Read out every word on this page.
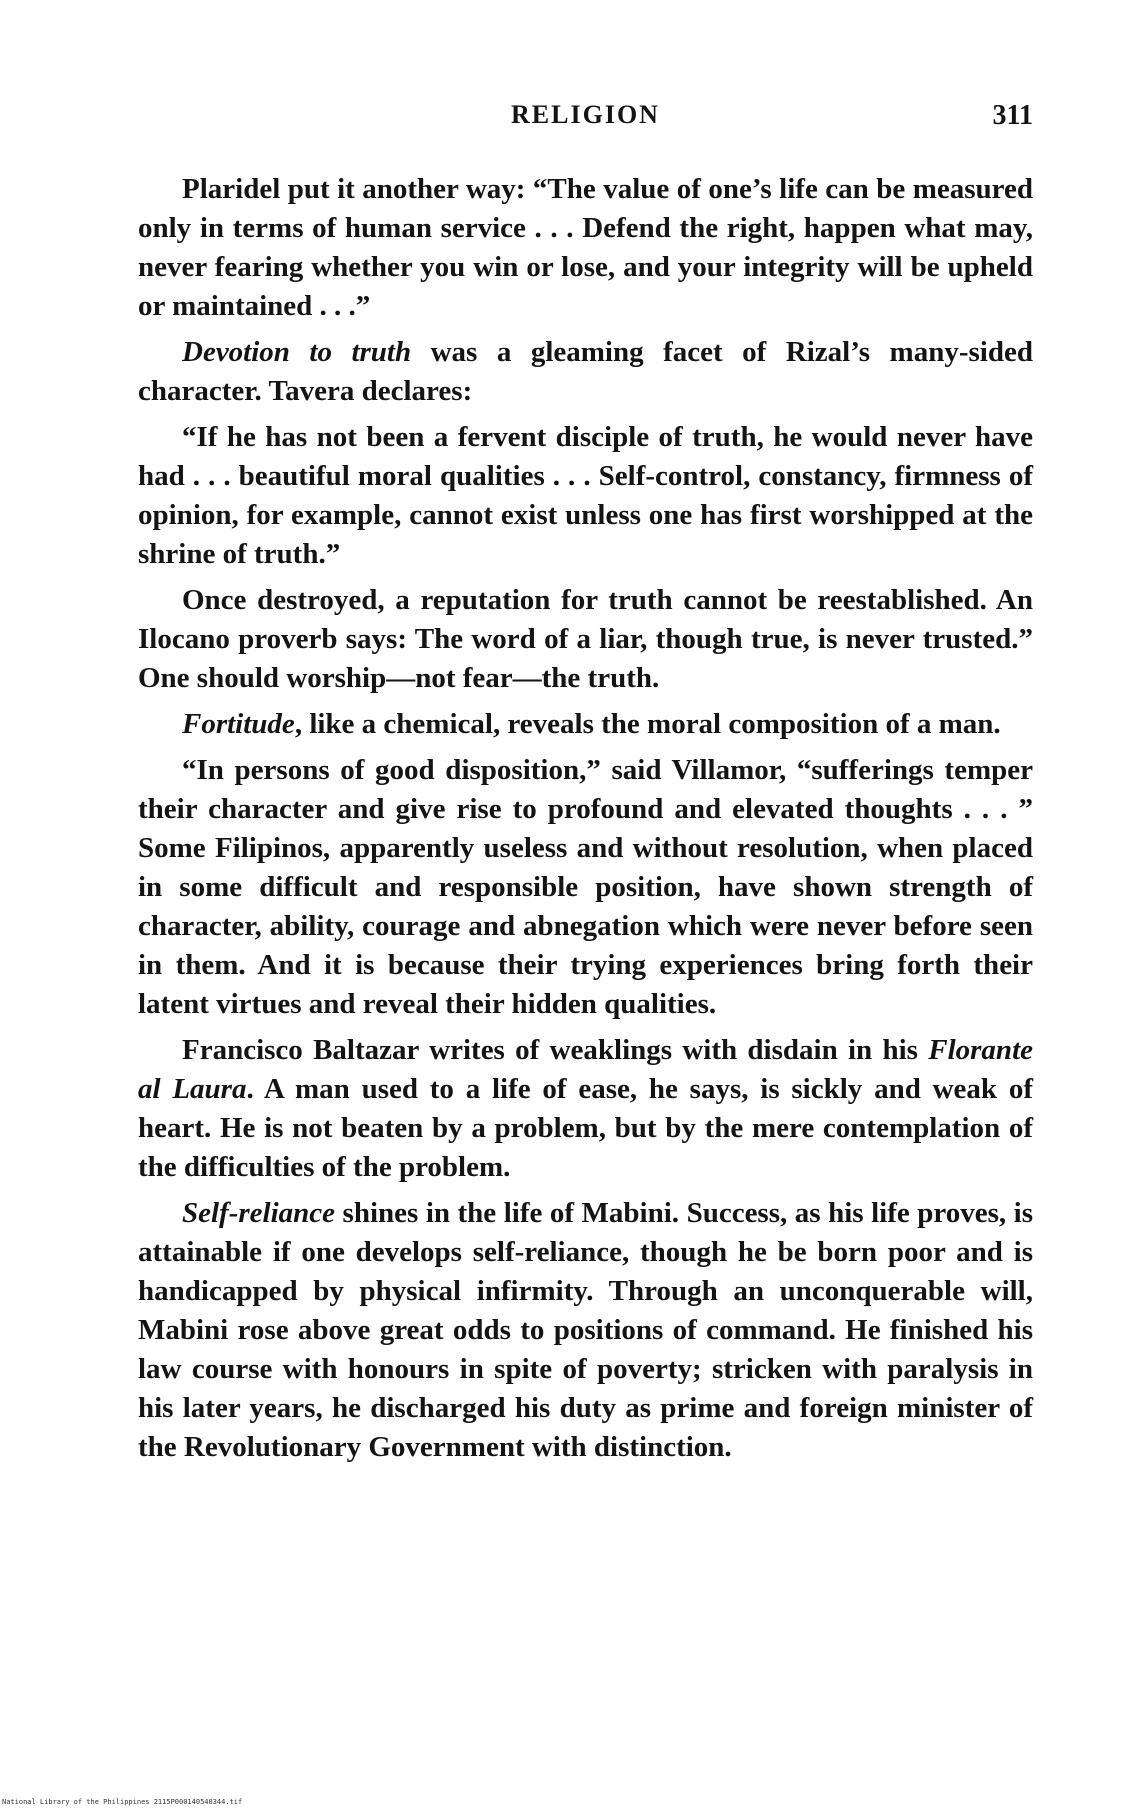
RELIGION	311

Plaridel put it another way: “The value of one’s life can be measured only in terms of human service . . . Defend the right, happen what may, never fearing whether you win or lose, and your integrity will be upheld or maintained . . .”

Devotion to truth was a gleaming facet of Rizal’s many-sided character. Tavera declares:

“If he has not been a fervent disciple of truth, he would never have had . . . beautiful moral qualities . . . Self-control, constancy, firmness of opinion, for example, cannot exist unless one has first worshipped at the shrine of truth.”

Once destroyed, a reputation for truth cannot be reestablished. An Ilocano proverb says: The word of a liar, though true, is never trusted.” One should worship—not fear—the truth.

Fortitude, like a chemical, reveals the moral composition of a man.

“In persons of good disposition,” said Villamor, “sufferings temper their character and give rise to profound and elevated thoughts . . . ” Some Filipinos, apparently useless and without resolution, when placed in some difficult and responsible position, have shown strength of character, ability, courage and abnegation which were never before seen in them. And it is because their trying experiences bring forth their latent virtues and reveal their hidden qualities.

Francisco Baltazar writes of weaklings with disdain in his Florante al Laura. A man used to a life of ease, he says, is sickly and weak of heart. He is not beaten by a problem, but by the mere contemplation of the difficulties of the problem.

Self-reliance shines in the life of Mabini. Success, as his life proves, is attainable if one develops self-reliance, though he be born poor and is handicapped by physical infirmity. Through an unconquerable will, Mabini rose above great odds to positions of command. He finished his law course with honours in spite of poverty; stricken with paralysis in his later years, he discharged his duty as prime and foreign minister of the Revolutionary Government with distinction.

National Library of the Philippines 2115P000140540344.tif
